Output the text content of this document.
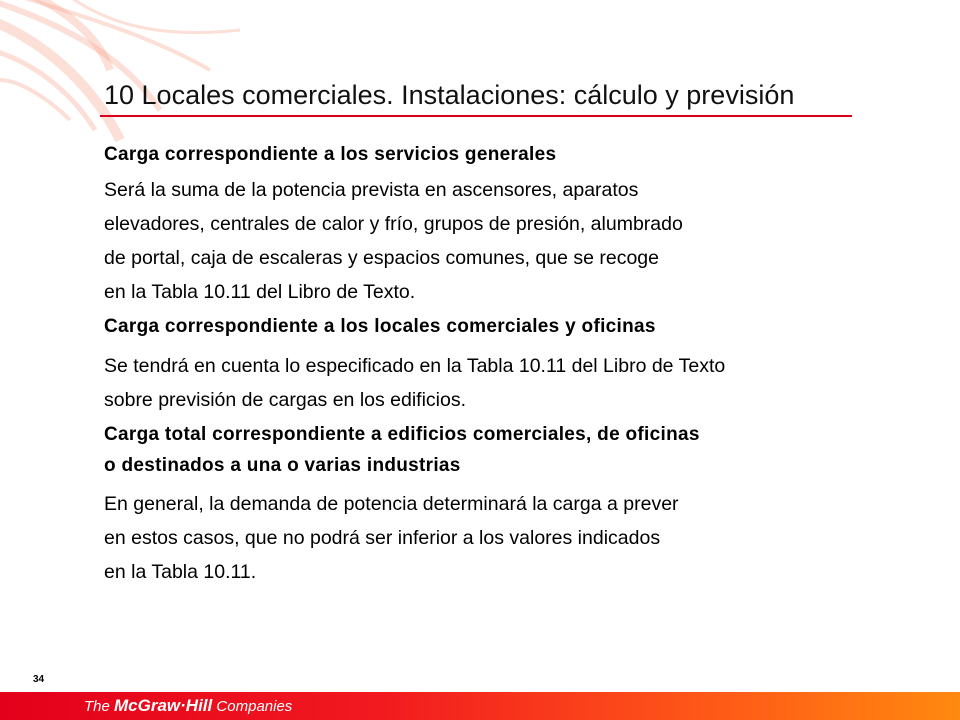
10 Locales comerciales. Instalaciones: cálculo y previsión
Carga correspondiente a los servicios generales
Será la suma de la potencia prevista en ascensores, aparatos
elevadores, centrales de calor y frío, grupos de presión, alumbrado
de portal, caja de escaleras y espacios comunes, que se recoge
en la Tabla 10.11 del Libro de Texto.
Carga correspondiente a los locales comerciales y oficinas
Se tendrá en cuenta lo especificado en la Tabla 10.11 del Libro de Texto
sobre previsión de cargas en los edificios.
Carga total correspondiente a edificios comerciales, de oficinas
o destinados a una o varias industrias
En general, la demanda de potencia determinará la carga a prever
en estos casos, que no podrá ser inferior a los valores indicados
en la Tabla 10.11.
34
The McGraw·Hill Companies
